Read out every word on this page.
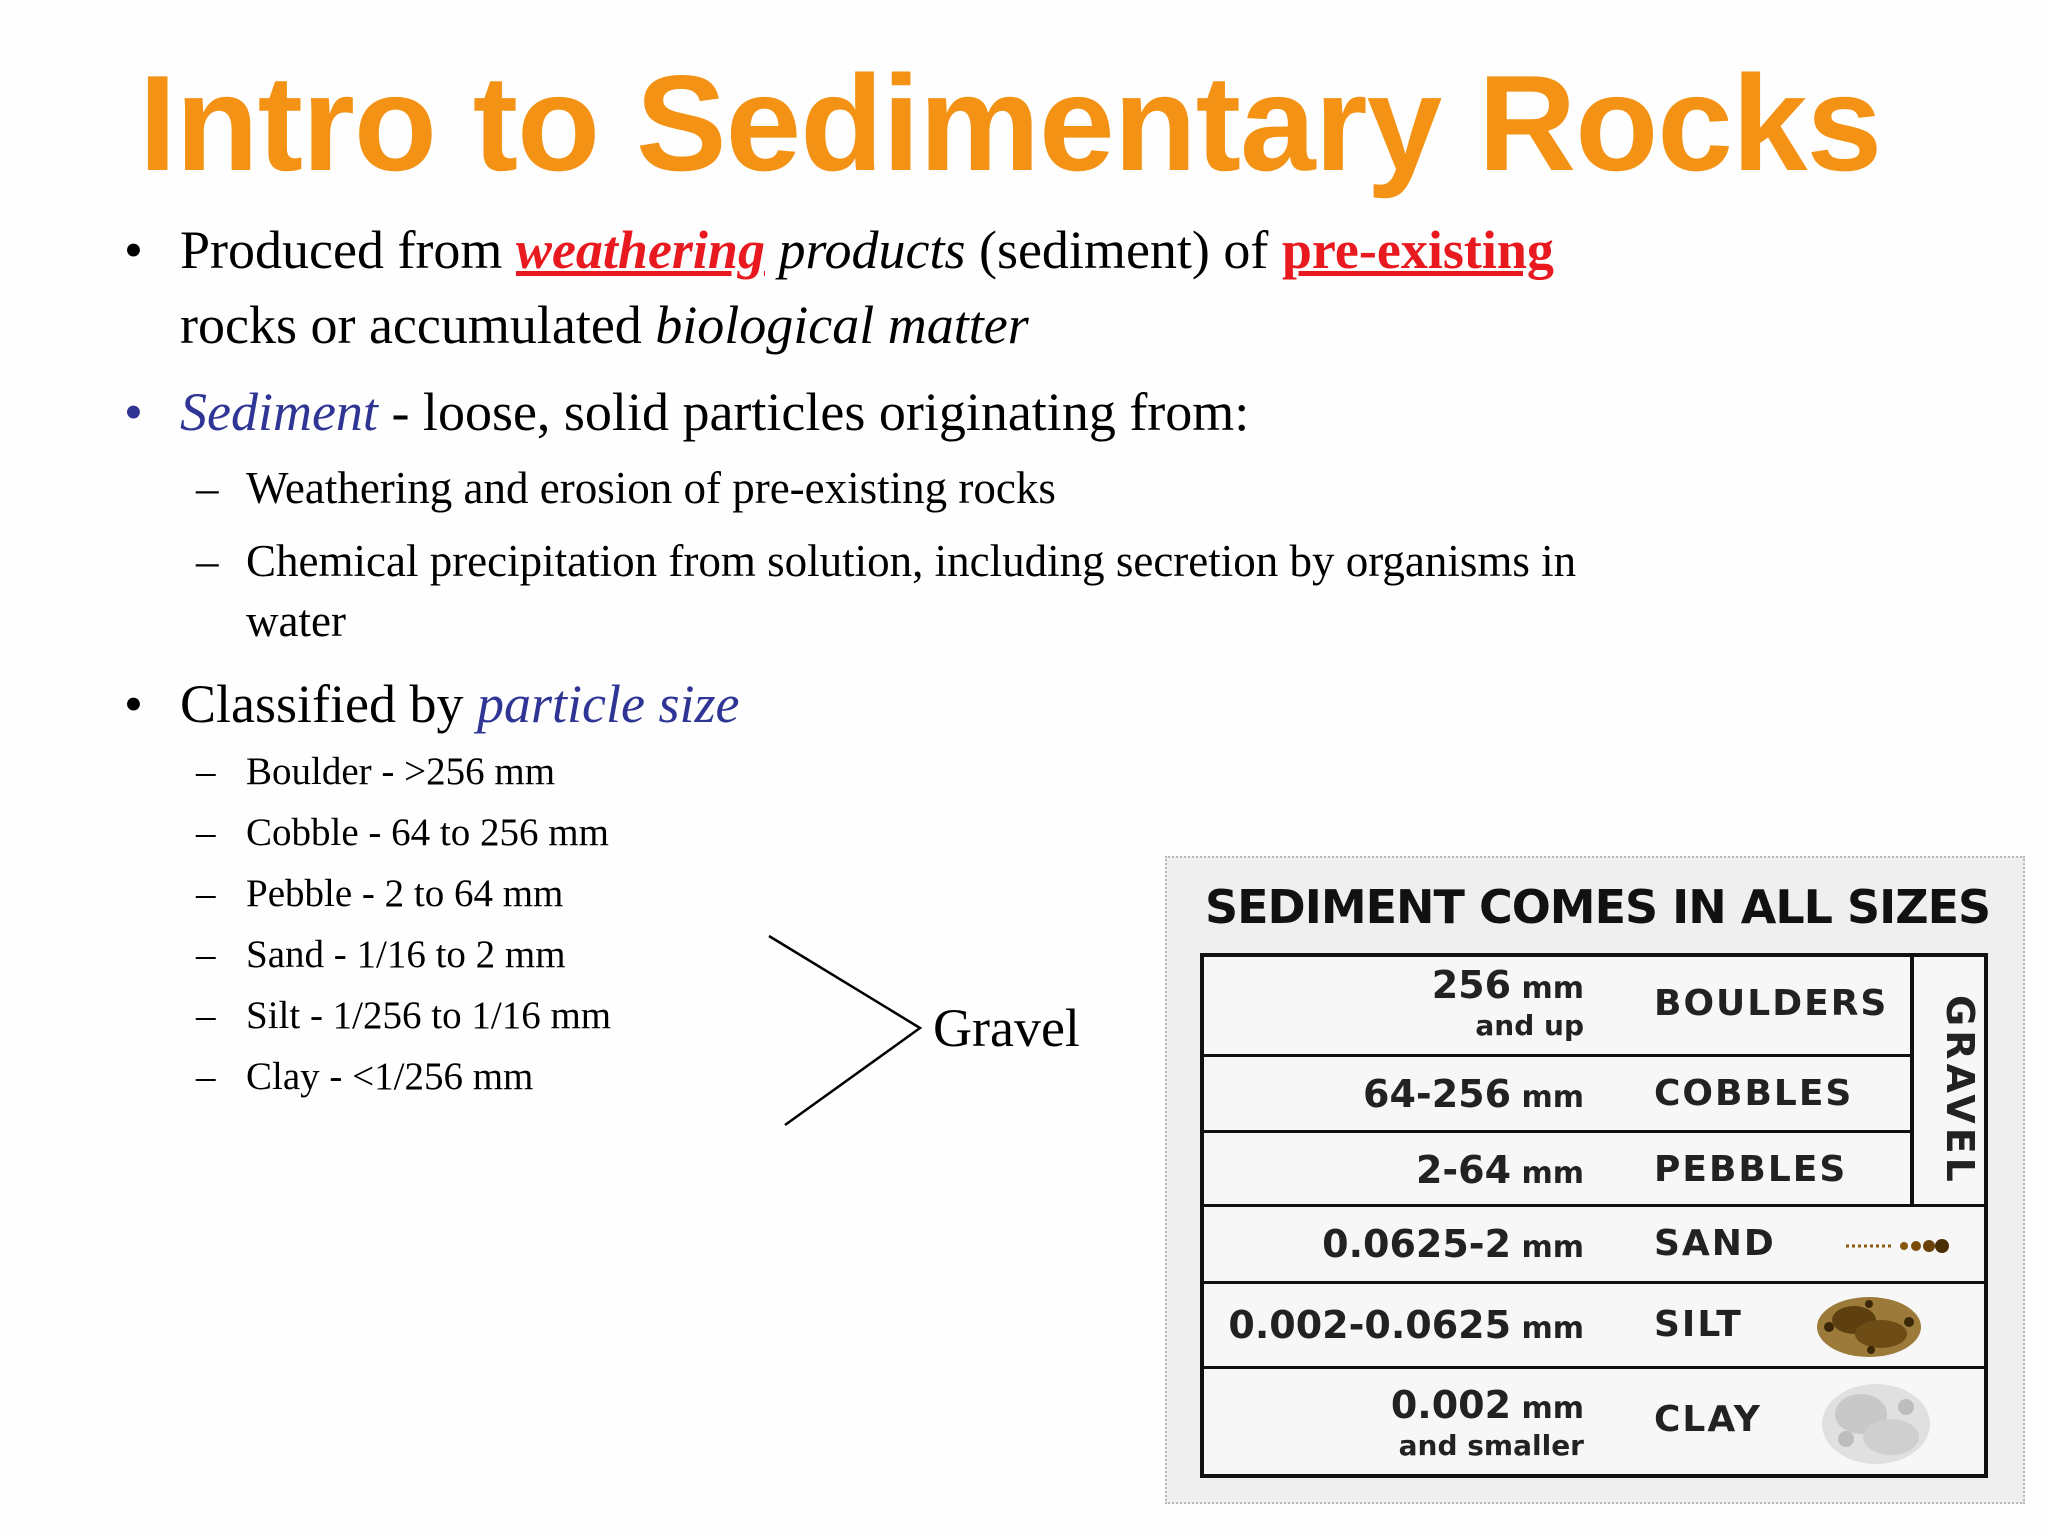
Intro to Sedimentary Rocks
• Produced from weathering products (sediment) of pre-existing
rocks or accumulated biological matter
• Sediment - loose, solid particles originating from:
– Weathering and erosion of pre-existing rocks
– Chemical precipitation from solution, including secretion by organisms in
water
• Classified by particle size
– Boulder - >256 mm
– Cobble - 64 to 256 mm
– Pebble - 2 to 64 mm
– Sand - 1/16 to 2 mm
– Silt - 1/256 to 1/16 mm
– Clay - <1/256 mm
Gravel
SEDIMENT COMES IN ALL SIZES
256 mm
and up
BOULDERS
64-256 mm COBBLES
2-64 mm PEBBLES	GRAVEL
0.0625-2 mm SAND
0.002-0.0625 mm SILT
0.002 mm
and smaller
CLAY
